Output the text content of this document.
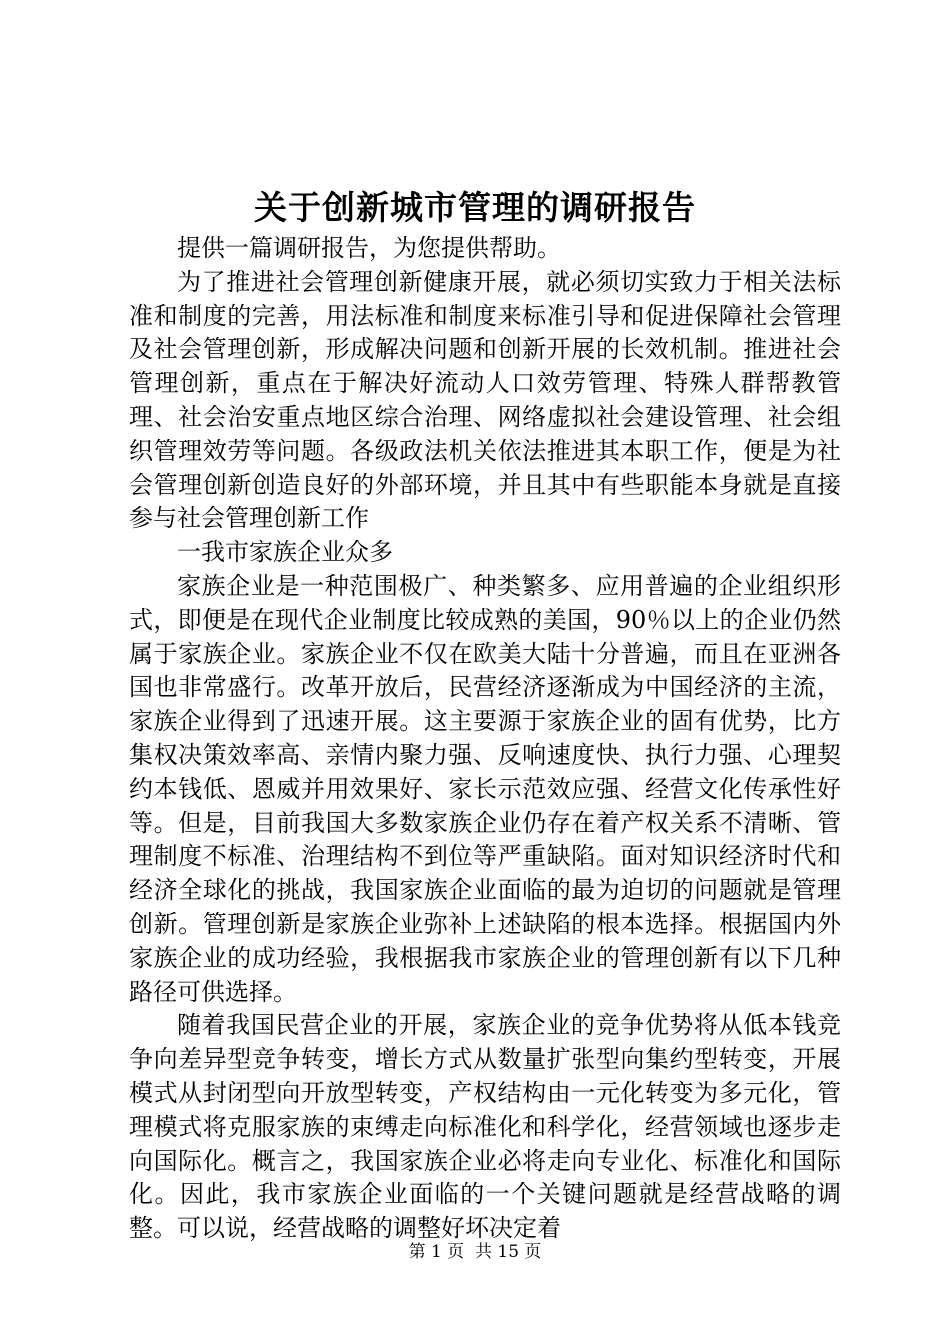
关于创新城市管理的调研报告

提供一篇调研报告，为您提供帮助。

为了推进社会管理创新健康开展，就必须切实致力于相关法标准和制度的完善，用法标准和制度来标准引导和促进保障社会管理及社会管理创新，形成解决问题和创新开展的长效机制。推进社会管理创新，重点在于解决好流动人口效劳管理、特殊人群帮教管理、社会治安重点地区综合治理、网络虚拟社会建设管理、社会组织管理效劳等问题。各级政法机关依法推进其本职工作，便是为社会管理创新创造良好的外部环境，并且其中有些职能本身就是直接参与社会管理创新工作

一我市家族企业众多

家族企业是一种范围极广、种类繁多、应用普遍的企业组织形式，即便是在现代企业制度比较成熟的美国，90％以上的企业仍然属于家族企业。家族企业不仅在欧美大陆十分普遍，而且在亚洲各国也非常盛行。改革开放后，民营经济逐渐成为中国经济的主流，家族企业得到了迅速开展。这主要源于家族企业的固有优势，比方集权决策效率高、亲情内聚力强、反响速度快、执行力强、心理契约本钱低、恩威并用效果好、家长示范效应强、经营文化传承性好等。但是，目前我国大多数家族企业仍存在着产权关系不清晰、管理制度不标准、治理结构不到位等严重缺陷。面对知识经济时代和经济全球化的挑战，我国家族企业面临的最为迫切的问题就是管理创新。管理创新是家族企业弥补上述缺陷的根本选择。根据国内外家族企业的成功经验，我根据我市家族企业的管理创新有以下几种路径可供选择。

随着我国民营企业的开展，家族企业的竞争优势将从低本钱竞争向差异型竞争转变，增长方式从数量扩张型向集约型转变，开展模式从封闭型向开放型转变，产权结构由一元化转变为多元化，管理模式将克服家族的束缚走向标准化和科学化，经营领域也逐步走向国际化。概言之，我国家族企业必将走向专业化、标准化和国际化。因此，我市家族企业面临的一个关键问题就是经营战略的调整。可以说，经营战略的调整好坏决定着

第 1 页  共 15 页
